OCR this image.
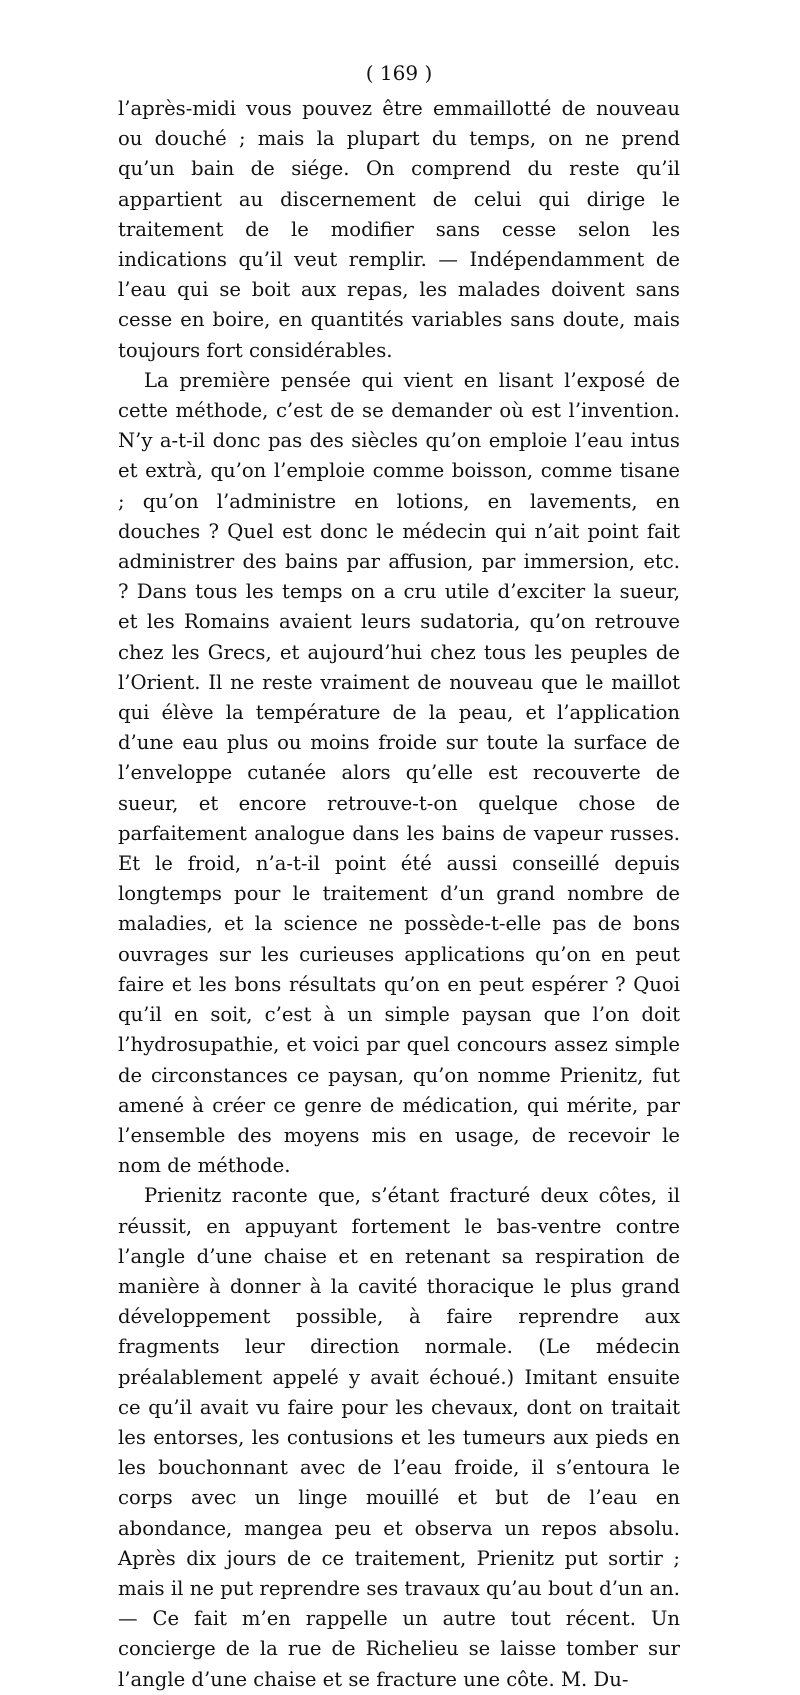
( 169 )

l’après-midi vous pouvez être emmaillotté de nouveau ou douché ; mais la plupart du temps, on ne prend qu’un bain de siége. On comprend du reste qu’il appartient au discernement de celui qui dirige le traitement de le modifier sans cesse selon les indications qu’il veut remplir. — Indépendamment de l’eau qui se boit aux repas, les malades doivent sans cesse en boire, en quantités variables sans doute, mais toujours fort considérables.

La première pensée qui vient en lisant l’exposé de cette méthode, c’est de se demander où est l’invention. N’y a-t-il donc pas des siècles qu’on emploie l’eau intus et extrà, qu’on l’emploie comme boisson, comme tisane ; qu’on l’administre en lotions, en lavements, en douches ? Quel est donc le médecin qui n’ait point fait administrer des bains par affusion, par immersion, etc. ? Dans tous les temps on a cru utile d’exciter la sueur, et les Romains avaient leurs sudatoria, qu’on retrouve chez les Grecs, et aujourd’hui chez tous les peuples de l’Orient. Il ne reste vraiment de nouveau que le maillot qui élève la température de la peau, et l’application d’une eau plus ou moins froide sur toute la surface de l’enveloppe cutanée alors qu’elle est recouverte de sueur, et encore retrouve-t-on quelque chose de parfaitement analogue dans les bains de vapeur russes. Et le froid, n’a-t-il point été aussi conseillé depuis longtemps pour le traitement d’un grand nombre de maladies, et la science ne possède-t-elle pas de bons ouvrages sur les curieuses applications qu’on en peut faire et les bons résultats qu’on en peut espérer ? Quoi qu’il en soit, c’est à un simple paysan que l’on doit l’hydrosupathie, et voici par quel concours assez simple de circonstances ce paysan, qu’on nomme Prienitz, fut amené à créer ce genre de médication, qui mérite, par l’ensemble des moyens mis en usage, de recevoir le nom de méthode.

Prienitz raconte que, s’étant fracturé deux côtes, il réussit, en appuyant fortement le bas-ventre contre l’angle d’une chaise et en retenant sa respiration de manière à donner à la cavité thoracique le plus grand développement possible, à faire reprendre aux fragments leur direction normale. (Le médecin préalablement appelé y avait échoué.) Imitant ensuite ce qu’il avait vu faire pour les chevaux, dont on traitait les entorses, les contusions et les tumeurs aux pieds en les bouchonnant avec de l’eau froide, il s’entoura le corps avec un linge mouillé et but de l’eau en abondance, mangea peu et observa un repos absolu. Après dix jours de ce traitement, Prienitz put sortir ; mais il ne put reprendre ses travaux qu’au bout d’un an. — Ce fait m’en rappelle un autre tout récent. Un concierge de la rue de Richelieu se laisse tomber sur l’angle d’une chaise et se fracture une côte. M. Du-
